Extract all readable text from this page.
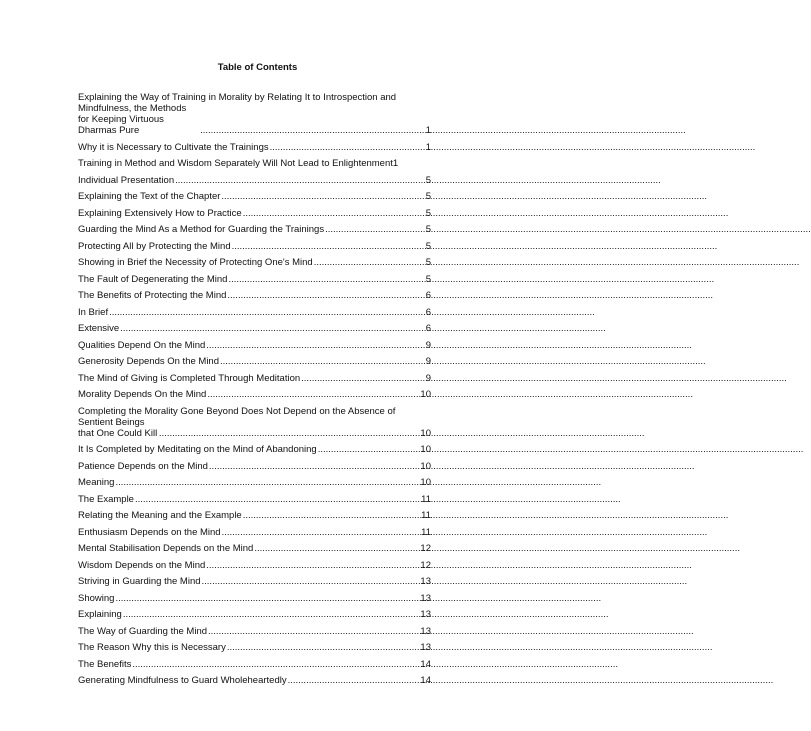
Table of Contents
Explaining the Way of Training in Morality by Relating It to Introspection and
Mindfulness, the Methods for Keeping Virtuous Dharmas Pure .....	1
Why it is Necessary to Cultivate the Trainings .....	1
Training in Method and Wisdom Separately Will Not Lead to Enlightenment 1
Individual Presentation .....	5
Explaining the Text of the Chapter .....	5
Explaining Extensively How to Practice .....	5
Guarding the Mind As a Method for Guarding the Trainings .....	5
Protecting All by Protecting the Mind .....	5
Showing in Brief the Necessity of Protecting One's Mind .....	5
The Fault of Degenerating the Mind .....	5
The Benefits of Protecting the Mind .....	6
In Brief .....	6
Extensive .....	6
Qualities Depend On the Mind .....	9
Generosity Depends On the Mind .....	9
The Mind of Giving is Completed Through Meditation .....	9
Morality Depends On the Mind .....	10
Completing the Morality Gone Beyond Does Not Depend on the Absence of
Sentient Beings that One Could Kill .....	10
It Is Completed by Meditating on the Mind of Abandoning .....	10
Patience Depends on the Mind .....	10
Meaning .....	10
The Example .....	11
Relating the Meaning and the Example .....	11
Enthusiasm Depends on the Mind .....	11
Mental Stabilisation Depends on the Mind .....	12
Wisdom Depends on the Mind .....	12
Striving in Guarding the Mind .....	13
Showing .....	13
Explaining .....	13
The Way of Guarding the Mind .....	13
The Reason Why this is Necessary .....	13
The Benefits .....	14
Generating Mindfulness to Guard Wholeheartedly .....	14
